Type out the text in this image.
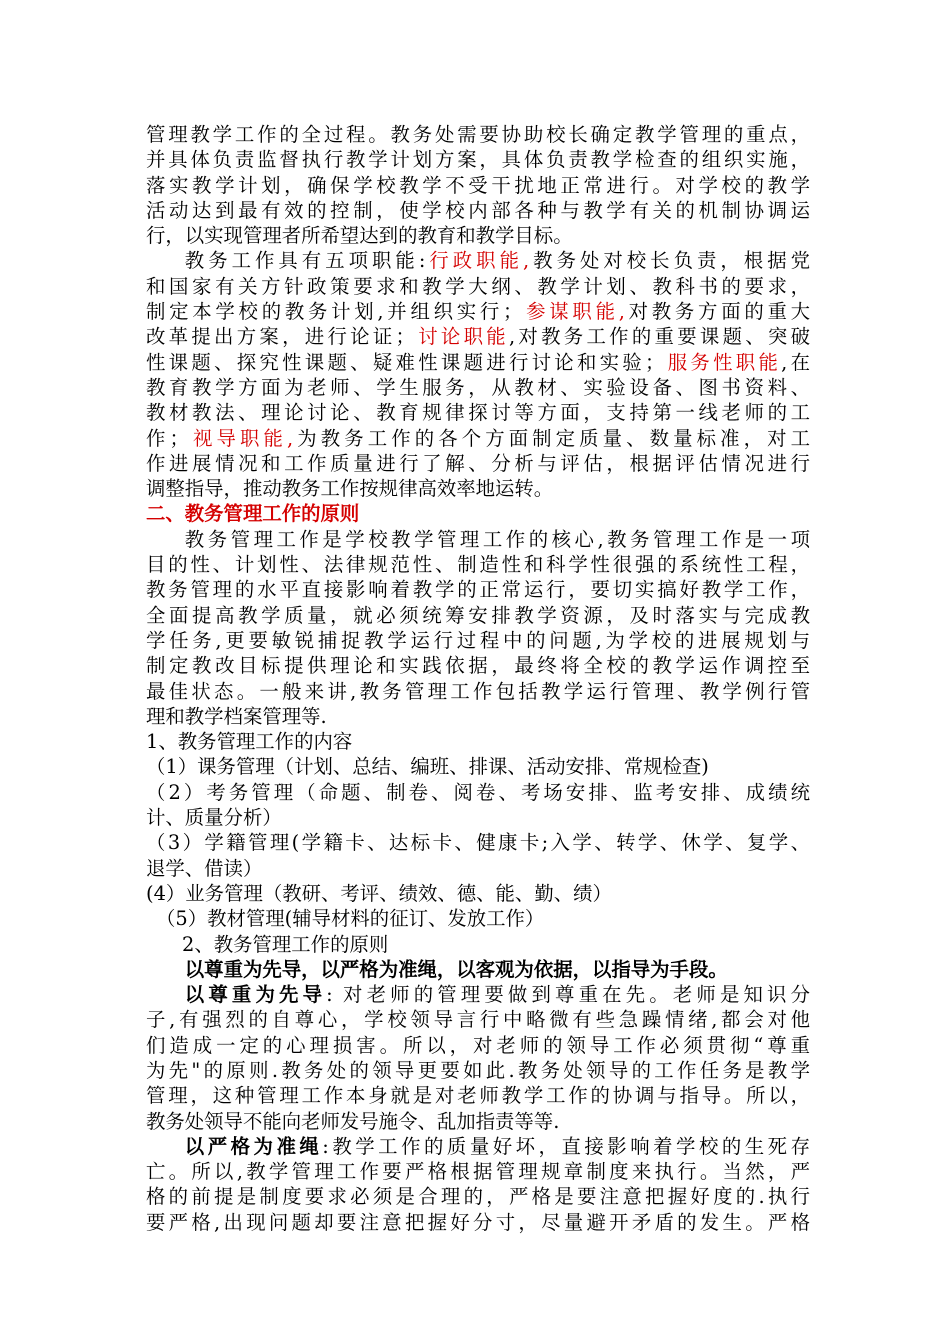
管理教学工作的全过程。教务处需要协助校长确定教学管理的重点，

并具体负责监督执行教学计划方案，具体负责教学检查的组织实施，

落实教学计划，确保学校教学不受干扰地正常进行。对学校的教学

活动达到最有效的控制，使学校内部各种与教学有关的机制协调运

行，以实现管理者所希望达到的教育和教学目标。

教务工作具有五项职能:行政职能,教务处对校长负责，根据党

和国家有关方针政策要求和教学大纲、教学计划、教科书的要求，

制定本学校的教务计划,并组织实行；参谋职能,对教务方面的重大

改革提出方案，进行论证；讨论职能,对教务工作的重要课题、突破

性课题、探究性课题、疑难性课题进行讨论和实验；服务性职能,在

教育教学方面为老师、学生服务，从教材、实验设备、图书资料、

教材教法、理论讨论、教育规律探讨等方面，支持第一线老师的工

作；视导职能,为教务工作的各个方面制定质量、数量标准，对工

作进展情况和工作质量进行了解、分析与评估，根据评估情况进行

调整指导，推动教务工作按规律高效率地运转。

二、教务管理工作的原则

教务管理工作是学校教学管理工作的核心,教务管理工作是一项

目的性、计划性、法律规范性、制造性和科学性很强的系统性工程，

教务管理的水平直接影响着教学的正常运行，要切实搞好教学工作，

全面提高教学质量，就必须统筹安排教学资源，及时落实与完成教

学任务,更要敏锐捕捉教学运行过程中的问题,为学校的进展规划与

制定教改目标提供理论和实践依据，最终将全校的教学运作调控至

最佳状态。一般来讲,教务管理工作包括教学运行管理、教学例行管

理和教学档案管理等.

1、教务管理工作的内容

（1）课务管理（计划、总结、编班、排课、活动安排、常规检查)

（2）考务管理（命题、制卷、阅卷、考场安排、监考安排、成绩统

计、质量分析）

（3）学籍管理(学籍卡、达标卡、健康卡;入学、转学、休学、复学、

退学、借读）

(4）业务管理（教研、考评、绩效、德、能、勤、绩）

（5）教材管理(辅导材料的征订、发放工作）

2、教务管理工作的原则

以尊重为先导，以严格为准绳，以客观为依据，以指导为手段。

以尊重为先导: 对老师的管理要做到尊重在先。老师是知识分

子,有强烈的自尊心，学校领导言行中略微有些急躁情绪,都会对他

们造成一定的心理损害。所以，对老师的领导工作必须贯彻“尊重

为先"的原则.教务处的领导更要如此.教务处领导的工作任务是教学

管理，这种管理工作本身就是对老师教学工作的协调与指导。所以，

教务处领导不能向老师发号施令、乱加指责等等.

以严格为准绳:教学工作的质量好坏，直接影响着学校的生死存

亡。所以,教学管理工作要严格根据管理规章制度来执行。当然，严

格的前提是制度要求必须是合理的，严格是要注意把握好度的.执行

要严格,出现问题却要注意把握好分寸，尽量避开矛盾的发生。严格
